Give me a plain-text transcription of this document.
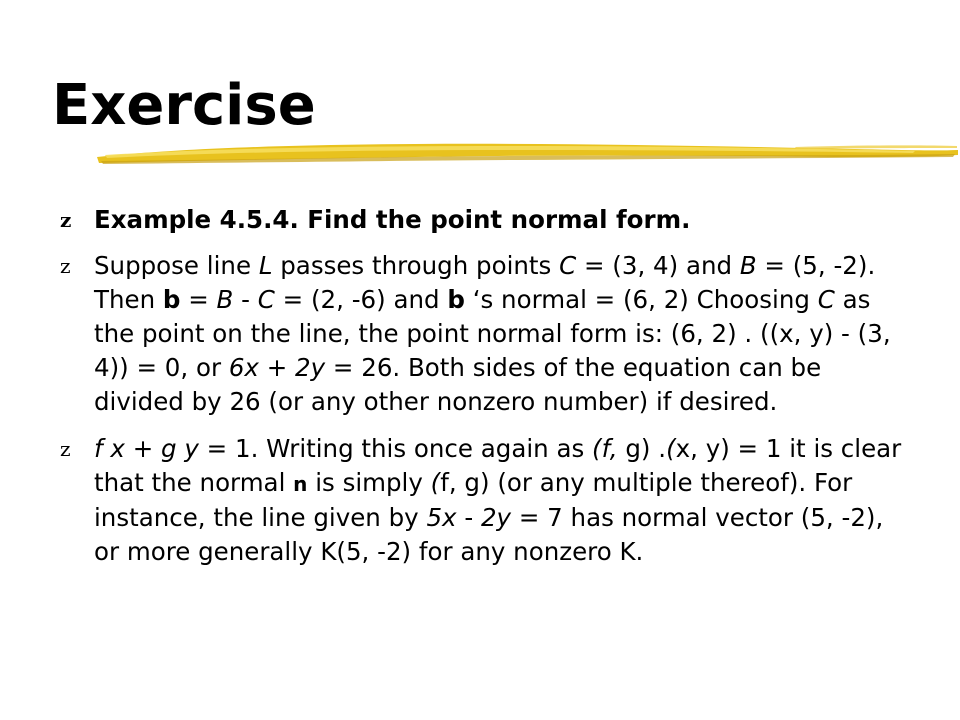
Exercise
z Example 4.5.4. Find the point normal form.
z Suppose line L passes through points C = (3, 4) and B = (5, -2). Then b = B - C = (2, -6) and b ‘s normal = (6, 2) Choosing C as the point on the line, the point normal form is: (6, 2) . ((x, y) - (3, 4)) = 0, or 6x + 2y = 26. Both sides of the equation can be divided by 26 (or any other nonzero number) if desired.
z f x + g y = 1. Writing this once again as (f, g) .(x, y) = 1 it is clear that the normal n is simply (f, g) (or any multiple thereof). For instance, the line given by 5x - 2y = 7 has normal vector (5, -2), or more generally K(5, -2) for any nonzero K.
